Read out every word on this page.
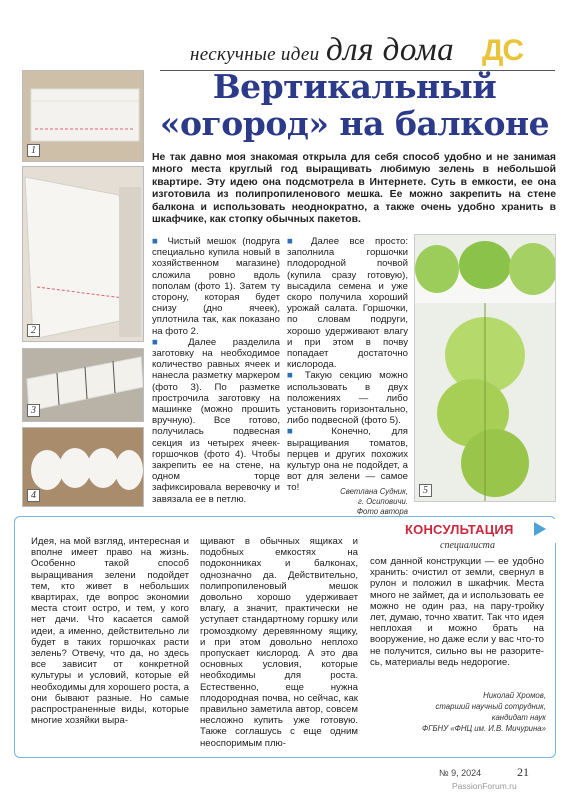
нескучные идеи для дома ДС
Вертикальный
«огород» на балконе

Не так давно моя знакомая открыла для себя способ удобно и не занимая много места круглый год выращивать любимую зелень в небольшой квартире. Эту идею она подсмотрела в Интернете. Суть в емкости, ее она изготовила из полипропиленового мешка. Ее можно закрепить на стене балкона и использовать неоднократно, а также очень удобно хранить в шкафчике, как стопку обычных пакетов.

1
2
3
4

■ Чистый мешок (подруга специально купила новый в хозяйственном магазине) сложила ровно вдоль пополам (фото 1). Затем ту сторону, которая будет снизу (дно ячеек), уплотнила так, как показано на фото 2.

■ Далее разделила заготовку на необходимое количество равных ячеек и нанесла разметку маркером (фото 3). По разметке прострочила заготовку на машинке (можно прошить вручную). Все готово, получилась подвесная секция из четырех ячеек-горшочков (фото 4). Чтобы закрепить ее на стене, на одном торце зафиксировала веревочку и завязала ее в петлю.

■ Далее все просто: заполнила горшочки плодородной почвой (купила сразу готовую), высадила семена и уже скоро получила хороший урожай салата. Горшочки, по словам подруги, хорошо удерживают влагу и при этом в почву попадает достаточно кислорода.

■ Такую секцию можно использовать в двух положениях — либо установить горизонтально, либо подвесной (фото 5).

■ Конечно, для выращивания томатов, перцев и других похожих культур она не подойдет, а вот для зелени — самое то!	Светлана Судник,
г. Осиповичи.
Фото автора
5
КОНСУЛЬТАЦИЯ
специалиста
Идея, на мой взгляд, интересная и вполне имеет право на жизнь. Особенно такой способ выращивания зелени подойдет тем, кто живет в небольших квартирах, где вопрос экономии места стоит остро, и тем, у кого нет дачи. Что касается самой идеи, а именно, действительно ли будет в таких горшочках расти зелень? Отвечу, что да, но здесь все зависит от конкретной культуры и условий, которые ей необходимы для хорошего роста, а они бывают разные. Но самые распространенные виды, которые многие хозяйки выра-
щивают в обычных ящиках и подобных емкостях на подоконниках и балконах, однозначно да. Действительно, полипропиленовый мешок довольно хорошо удерживает влагу, а значит, практически не уступает стандартному горшку или громоздкому деревянному ящику, и при этом довольно неплохо пропускает кислород. А это два основных условия, которые необходимы для роста. Естественно, еще нужна плодородная почва, но сейчас, как правильно заметила автор, совсем несложно купить уже готовую. Также соглашусь с еще одним неоспоримым плю-
сом данной конструкции — ее удобно хранить: очистил от земли, свернул в рулон и положил в шкафчик. Места много не займет, да и использовать ее можно не один раз, на пару-тройку лет, думаю, точно хватит. Так что идея неплохая и можно брать на вооружение, но даже если у вас что-то не получится, сильно вы не разоритесь, материалы ведь недорогие.
Николай Хромов,
старший научный сотрудник,
кандидат наук
ФГБНУ «ФНЦ им. И.В. Мичурина»
№ 9, 2024	21
PassionForum.ru
